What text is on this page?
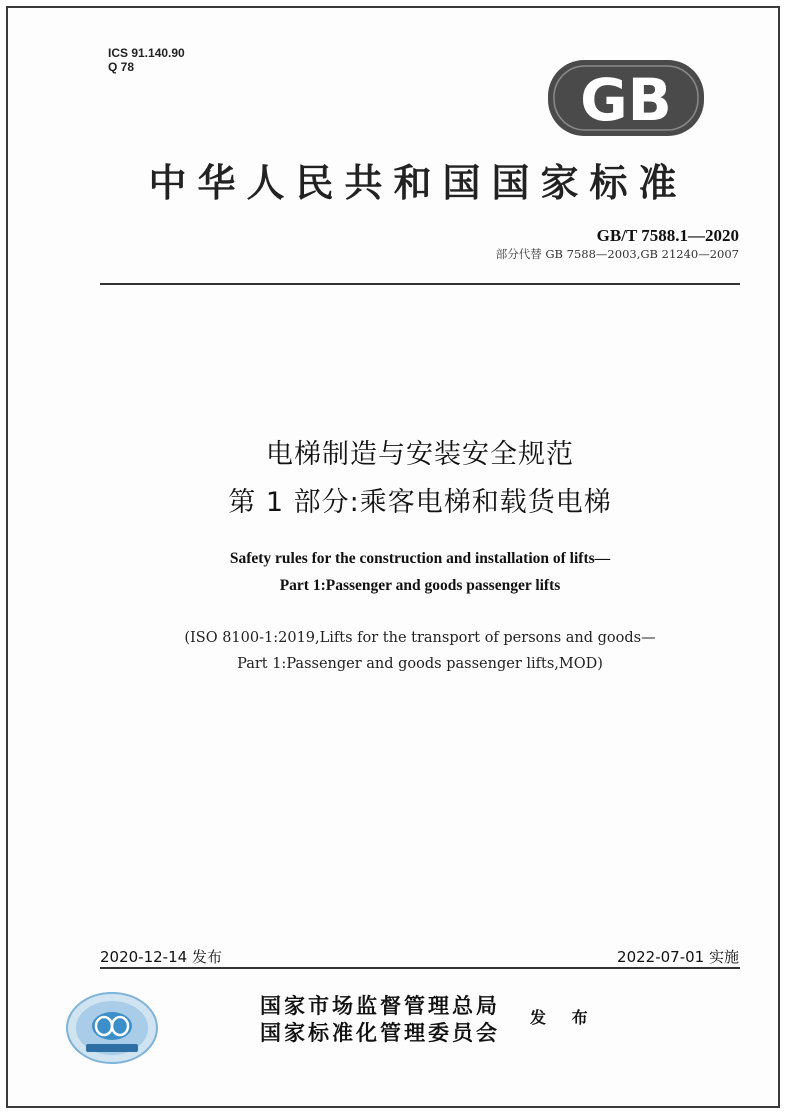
ICS 91.140.90
Q 78	GB
中华人民共和国国家标准
GB/T 7588.1—2020
部分代替 GB 7588—2003,GB 21240—2007
电梯制造与安装安全规范
第 1 部分:乘客电梯和载货电梯
Safety rules for the construction and installation of lifts—
Part 1:Passenger and goods passenger lifts
(ISO 8100-1:2019,Lifts for the transport of persons and goods—
Part 1:Passenger and goods passenger lifts,MOD)
2020-12-14 发布	2022-07-01 实施
国家市场监督管理总局
国家标准化管理委员会
发 布
